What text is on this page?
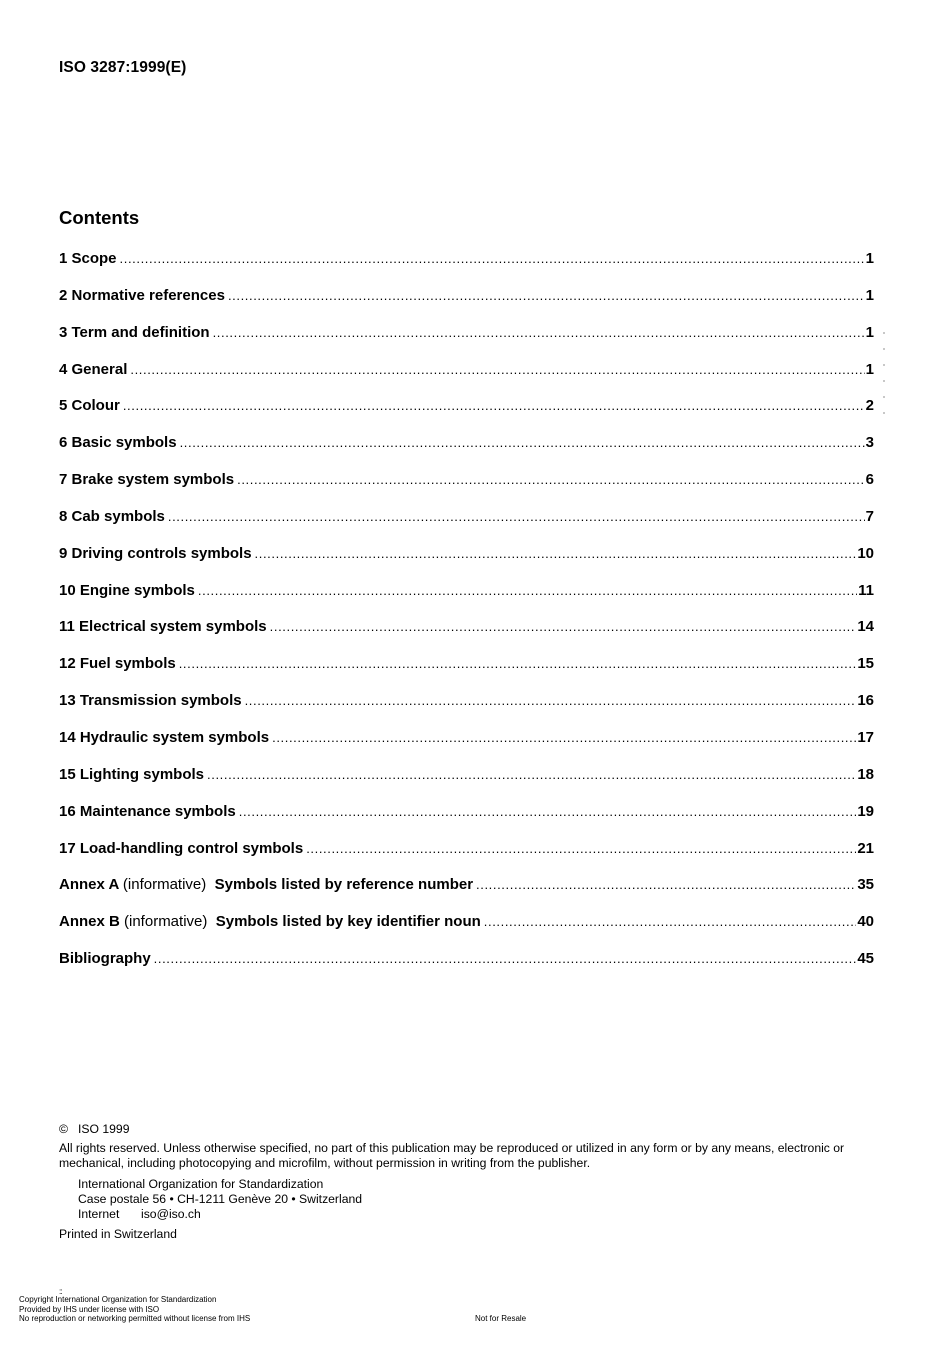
ISO 3287:1999(E)
Contents
1 Scope .....	1
2 Normative references .....	1
3 Term and definition .....	1
4 General .....	1
5 Colour .....	2
6 Basic symbols .....	3
7 Brake system symbols .....	6
8 Cab symbols .....	7
9 Driving controls symbols .....	10
10 Engine symbols .....	11
11 Electrical system symbols .....	14
12 Fuel symbols .....	15
13 Transmission symbols .....	16
14 Hydraulic system symbols .....	17
15 Lighting symbols .....	18
16 Maintenance symbols .....	19
17 Load-handling control symbols .....	21
Annex A (informative) Symbols listed by reference number .....	35
Annex B (informative) Symbols listed by key identifier noun .....	40
Bibliography .....	45
© ISO 1999
All rights reserved. Unless otherwise specified, no part of this publication may be reproduced or utilized in any form or by any means, electronic or mechanical, including photocopying and microfilm, without permission in writing from the publisher.
International Organization for Standardization
Case postale 56 • CH-1211 Genève 20 • Switzerland
Internet iso@iso.ch
Printed in Switzerland
::
Copyright International Organization for Standardization
Provided by IHS under license with ISO
No reproduction or networking permitted without license from IHS	Not for Resale
